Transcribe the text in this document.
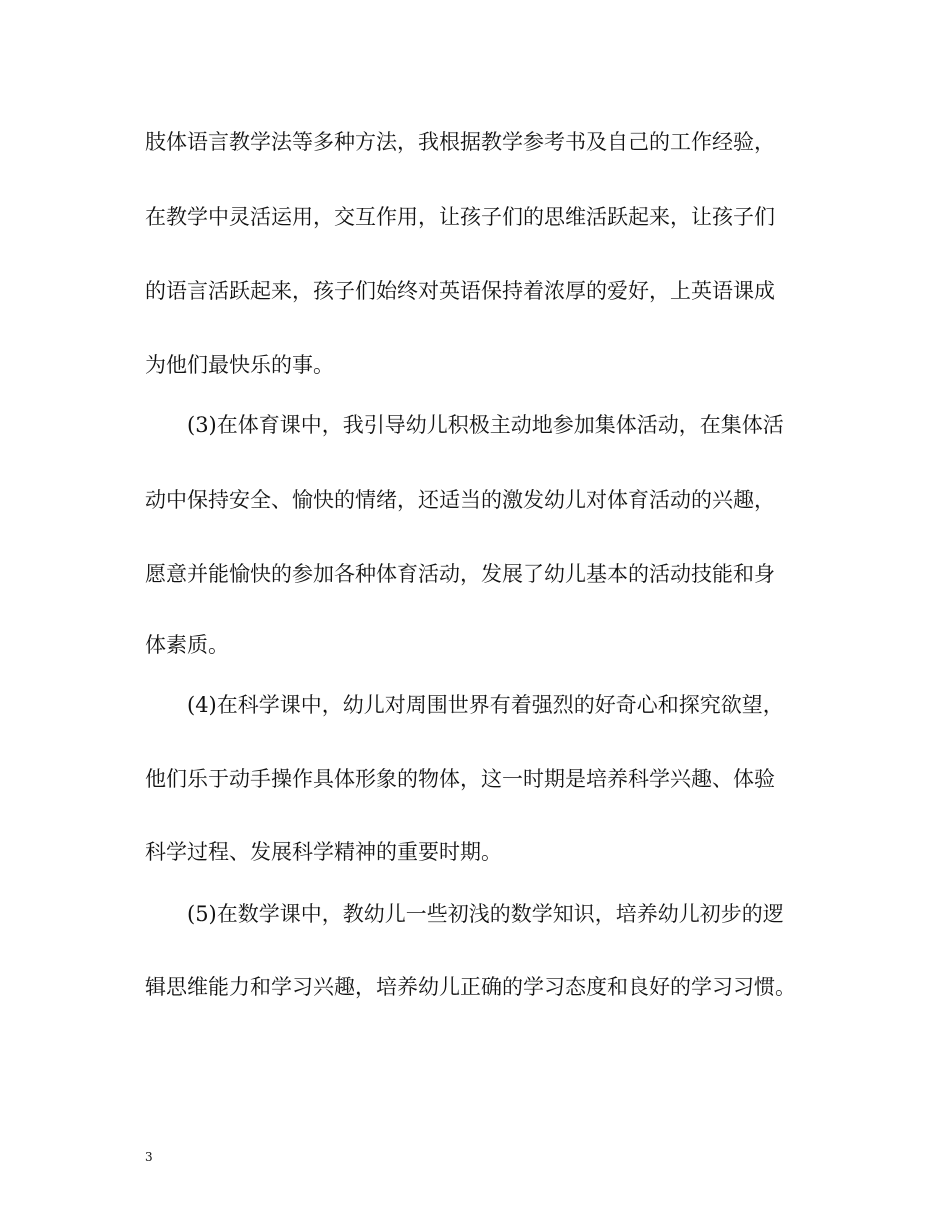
肢体语言教学法等多种方法，我根据教学参考书及自己的工作经验，
在教学中灵活运用，交互作用，让孩子们的思维活跃起来，让孩子们
的语言活跃起来，孩子们始终对英语保持着浓厚的爱好，上英语课成
为他们最快乐的事。
(3)在体育课中，我引导幼儿积极主动地参加集体活动，在集体活
动中保持安全、愉快的情绪，还适当的激发幼儿对体育活动的兴趣，
愿意并能愉快的参加各种体育活动，发展了幼儿基本的活动技能和身
体素质。
(4)在科学课中，幼儿对周围世界有着强烈的好奇心和探究欲望，
他们乐于动手操作具体形象的物体，这一时期是培养科学兴趣、体验
科学过程、发展科学精神的重要时期。
(5)在数学课中，教幼儿一些初浅的数学知识，培养幼儿初步的逻
辑思维能力和学习兴趣，培养幼儿正确的学习态度和良好的学习习惯。
3
